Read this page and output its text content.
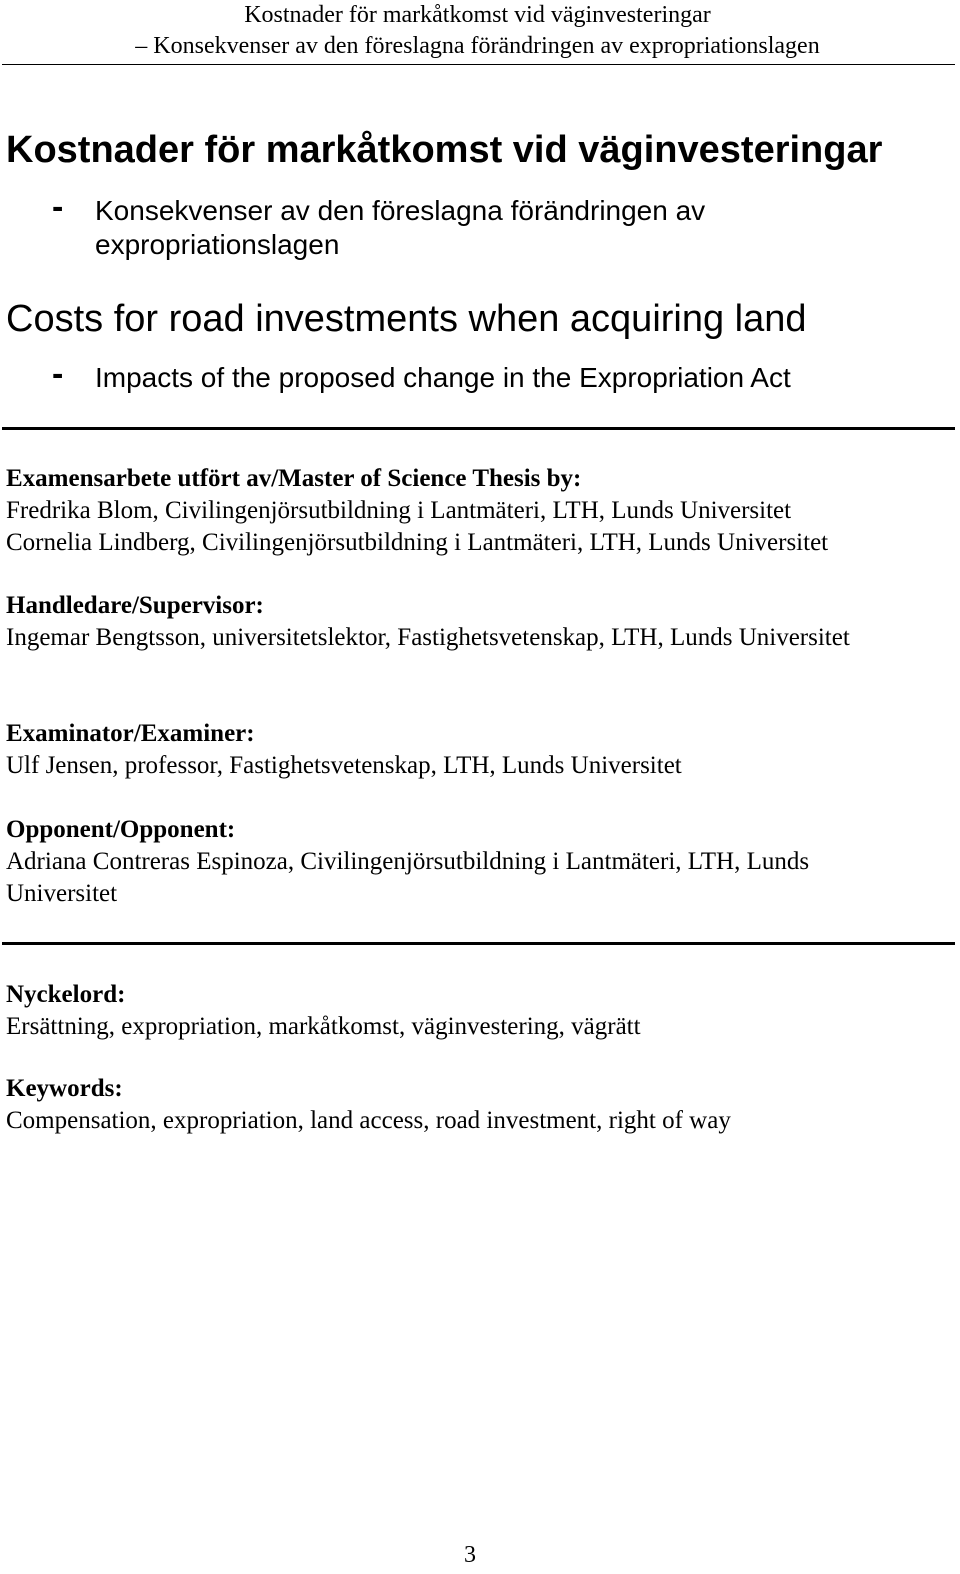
Kostnader för markåtkomst vid väginvesteringar
– Konsekvenser av den föreslagna förändringen av expropriationslagen
Kostnader för markåtkomst vid väginvesteringar
- Konsekvenser av den föreslagna förändringen av expropriationslagen
Costs for road investments when acquiring land
- Impacts of the proposed change in the Expropriation Act

Examensarbete utfört av/Master of Science Thesis by:

Fredrika Blom, Civilingenjörsutbildning i Lantmäteri, LTH, Lunds Universitet

Cornelia Lindberg, Civilingenjörsutbildning i Lantmäteri, LTH, Lunds Universitet

Handledare/Supervisor:

Ingemar Bengtsson, universitetslektor, Fastighetsvetenskap, LTH, Lunds Universitet

Examinator/Examiner:

Ulf Jensen, professor, Fastighetsvetenskap, LTH, Lunds Universitet

Opponent/Opponent:

Adriana Contreras Espinoza, Civilingenjörsutbildning i Lantmäteri, LTH, Lunds Universitet

Nyckelord:

Ersättning, expropriation, markåtkomst, väginvestering, vägrätt

Keywords:

Compensation, expropriation, land access, road investment, right of way

3
